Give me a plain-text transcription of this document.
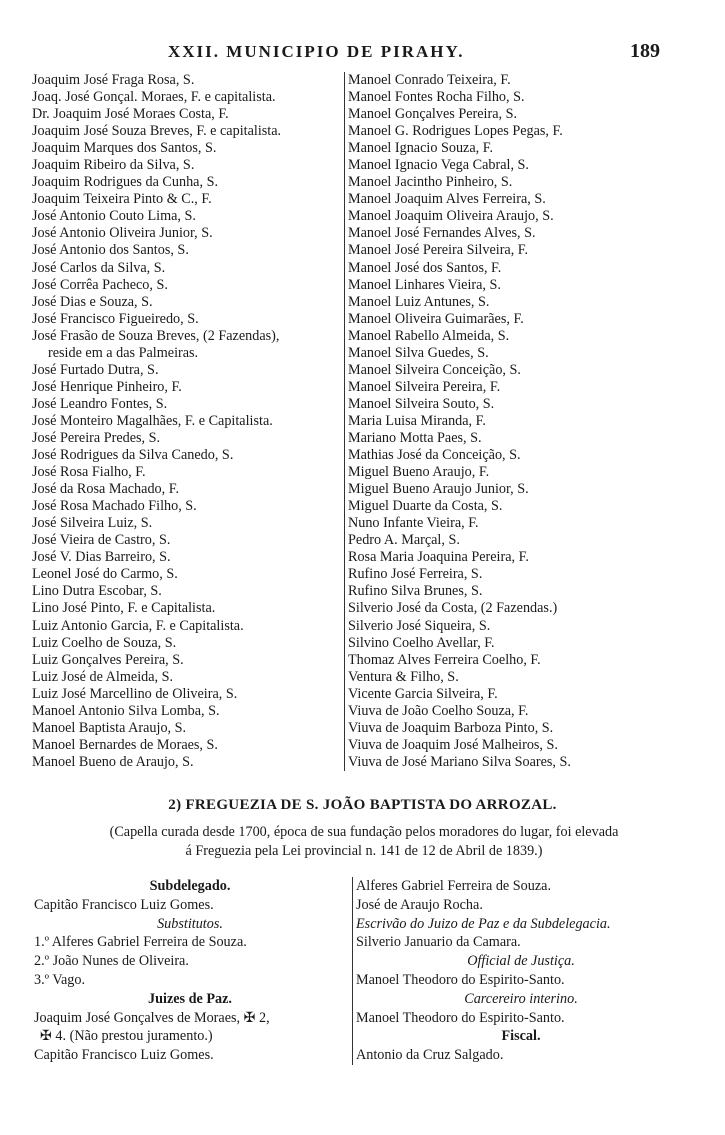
XXII. MUNICIPIO DE PIRAHY.	189
Joaquim José Fraga Rosa, S.
Joaq. José Gonçal. Moraes, F. e capitalista.
Dr. Joaquim José Moraes Costa, F.
Joaquim José Souza Breves, F. e capitalista.
Joaquim Marques dos Santos, S.
Joaquim Ribeiro da Silva, S.
Joaquim Rodrigues da Cunha, S.
Joaquim Teixeira Pinto & C., F.
José Antonio Couto Lima, S.
José Antonio Oliveira Junior, S.
José Antonio dos Santos, S.
José Carlos da Silva, S.
José Corrêa Pacheco, S.
José Dias e Souza, S.
José Francisco Figueiredo, S.
José Frasão de Souza Breves, (2 Fazendas),
reside em a das Palmeiras.
José Furtado Dutra, S.
José Henrique Pinheiro, F.
José Leandro Fontes, S.
José Monteiro Magalhães, F. e Capitalista.
José Pereira Predes, S.
José Rodrigues da Silva Canedo, S.
José Rosa Fialho, F.
José da Rosa Machado, F.
José Rosa Machado Filho, S.
José Silveira Luiz, S.
José Vieira de Castro, S.
José V. Dias Barreiro, S.
Leonel José do Carmo, S.
Lino Dutra Escobar, S.
Lino José Pinto, F. e Capitalista.
Luiz Antonio Garcia, F. e Capitalista.
Luiz Coelho de Souza, S.
Luiz Gonçalves Pereira, S.
Luiz José de Almeida, S.
Luiz José Marcellino de Oliveira, S.
Manoel Antonio Silva Lomba, S.
Manoel Baptista Araujo, S.
Manoel Bernardes de Moraes, S.
Manoel Bueno de Araujo, S.
Manoel Conrado Teixeira, F.
Manoel Fontes Rocha Filho, S.
Manoel Gonçalves Pereira, S.
Manoel G. Rodrigues Lopes Pegas, F.
Manoel Ignacio Souza, F.
Manoel Ignacio Vega Cabral, S.
Manoel Jacintho Pinheiro, S.
Manoel Joaquim Alves Ferreira, S.
Manoel Joaquim Oliveira Araujo, S.
Manoel José Fernandes Alves, S.
Manoel José Pereira Silveira, F.
Manoel José dos Santos, F.
Manoel Linhares Vieira, S.
Manoel Luiz Antunes, S.
Manoel Oliveira Guimarães, F.
Manoel Rabello Almeida, S.
Manoel Silva Guedes, S.
Manoel Silveira Conceição, S.
Manoel Silveira Pereira, F.
Manoel Silveira Souto, S.
Maria Luisa Miranda, F.
Mariano Motta Paes, S.
Mathias José da Conceição, S.
Miguel Bueno Araujo, F.
Miguel Bueno Araujo Junior, S.
Miguel Duarte da Costa, S.
Nuno Infante Vieira, F.
Pedro A. Marçal, S.
Rosa Maria Joaquina Pereira, F.
Rufino José Ferreira, S.
Rufino Silva Brunes, S.
Silverio José da Costa, (2 Fazendas.)
Silverio José Siqueira, S.
Silvino Coelho Avellar, F.
Thomaz Alves Ferreira Coelho, F.
Ventura & Filho, S.
Vicente Garcia Silveira, F.
Viuva de João Coelho Souza, F.
Viuva de Joaquim Barboza Pinto, S.
Viuva de Joaquim José Malheiros, S.
Viuva de José Mariano Silva Soares, S.
2) FREGUEZIA DE S. JOÃO BAPTISTA DO ARROZAL.
(Capella curada desde 1700, época de sua fundação pelos moradores do lugar, foi elevada
á Freguezia pela Lei provincial n. 141 de 12 de Abril de 1839.)
Subdelegado.
Capitão Francisco Luiz Gomes.
Substitutos.
1.º Alferes Gabriel Ferreira de Souza.
2.º João Nunes de Oliveira.
3.º Vago.
Juizes de Paz.
Joaquim José Gonçalves de Moraes, ✠ 2,
✠ 4. (Não prestou juramento.)
Capitão Francisco Luiz Gomes.
Alferes Gabriel Ferreira de Souza.
José de Araujo Rocha.
Escrivão do Juizo de Paz e da Subdelegacia.
Silverio Januario da Camara.
Official de Justiça.
Manoel Theodoro do Espirito-Santo.
Carcereiro interino.
Manoel Theodoro do Espirito-Santo.
Fiscal.
Antonio da Cruz Salgado.
